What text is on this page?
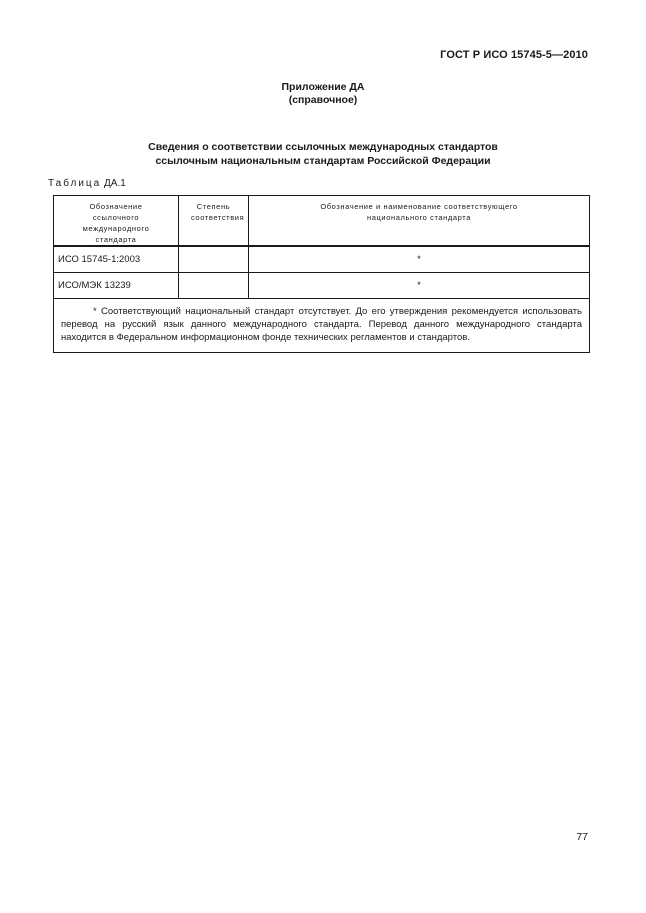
ГОСТ Р ИСО 15745-5—2010
Приложение ДА
(справочное)
Сведения о соответствии ссылочных международных стандартов
ссылочным национальным стандартам Российской Федерации
Таблица ДА.1
Обозначение ссылочного международного стандарта	Степень соответствия	Обозначение и наименование соответствующего национального стандарта
ИСО 15745-1:2003		*
ИСО/МЭК 13239		*
* Соответствующий национальный стандарт отсутствует. До его утверждения рекомендуется использовать перевод на русский язык данного международного стандарта. Перевод данного международного стандарта находится в Федеральном информационном фонде технических регламентов и стандартов.		
77
